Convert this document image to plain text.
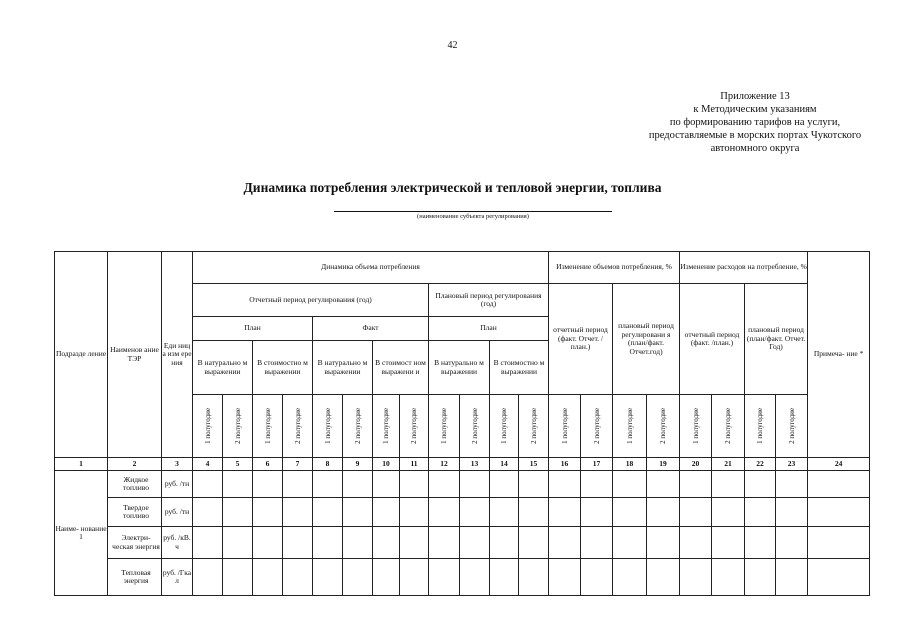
42
Приложение 13
к Методическим указаниям
по формированию тарифов на услуги,
предоставляемые в морских портах Чукотского
автономного округа
Динамика потребления электрической и тепловой энергии, топлива
(наименование субъекта регулирования)
Подразде ление	Наименов ание ТЭР	Еди ниц а изм ере ния	Динамика объема потребления												Изменение объемов потребления, %				Изменение расходов на потребление, %				Примеча- ние *
			Отчетный период регулирования (год)								Плановый период регулирования (год)				отчетный период (факт. Отчет. /план.)		плановый период регулировани я (план/факт. Отчет.год)		отчетный период (факт. /план.)		плановый период (план/факт. Отчет. Год)		
			План				Факт				План												
			В натурально м выражении		В стоимостно м выражении		В натурально м выражении		В стоимост ном выражени и		В натурально м выражении		В стоимостно м выражении										

			1 полугодие	2 полугодие	1 полугодие	2 полугодие	1 полугодие	2 полугодие	1 полугодие	2 полугодие	1 полугодие	2 полугодие	1 полугодие	2 полугодие	1 полугодие	2 полугодие	1 полугодие	2 полугодие	1 полугодие	2 полугодие	1 полугодие	2 полугодие	

1	2	3	4	5	6	7	8	9	10	11	12	13	14	15	16	17	18	19	20	21	22	23	24
Наиме- нование 1	Жидкое топливо	руб. /тн																					
	Твердое топливо	руб. /тн																					
	Электри- ческая энергия	руб. /кВ. ч																					
	Тепловая энергия	руб. /Гка л																					
